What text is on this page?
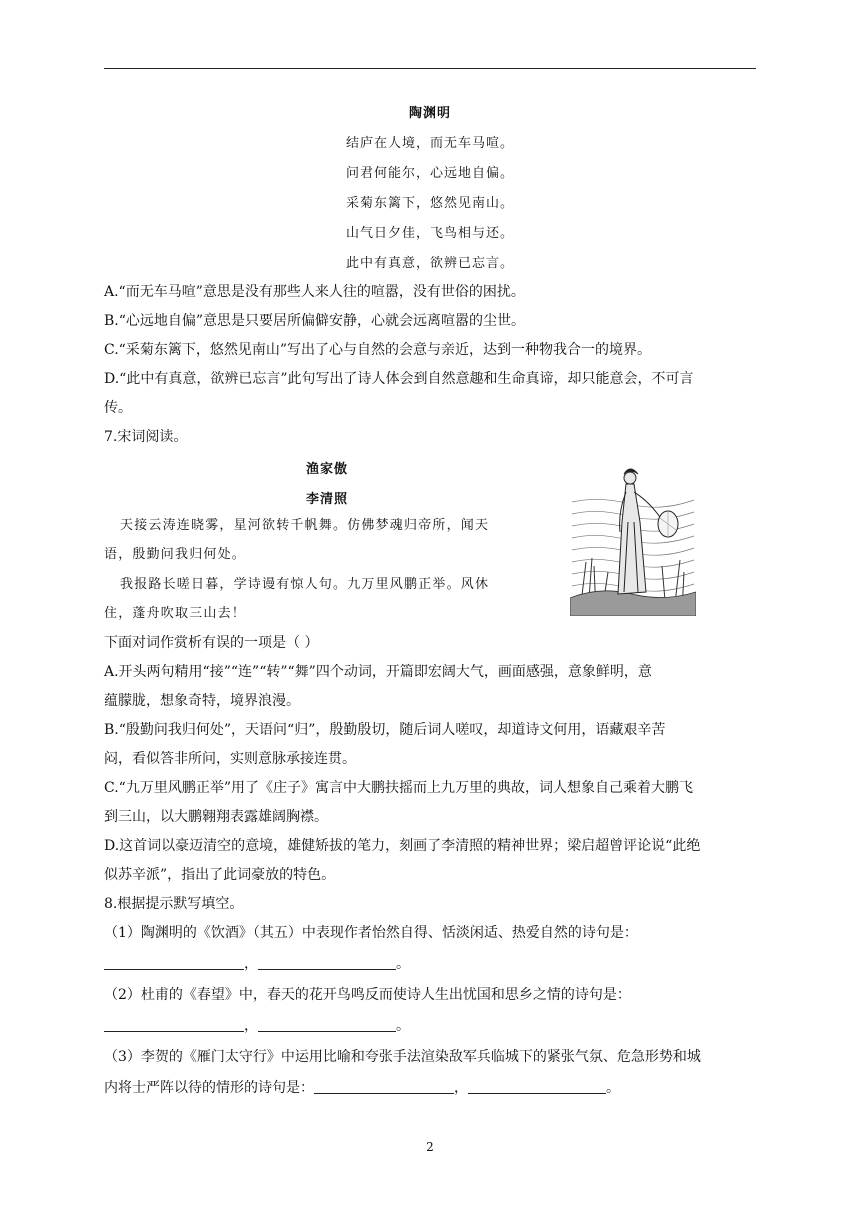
陶渊明
结庐在人境，而无车马喧。
问君何能尔，心远地自偏。
采菊东篱下，悠然见南山。
山气日夕佳，飞鸟相与还。
此中有真意，欲辨已忘言。
A.“而无车马喧”意思是没有那些人来人往的喧嚣，没有世俗的困扰。
B.“心远地自偏”意思是只要居所偏僻安静，心就会远离喧嚣的尘世。
C.“采菊东篱下，悠然见南山”写出了心与自然的会意与亲近，达到一种物我合一的境界。
D.“此中有真意，欲辨已忘言”此句写出了诗人体会到自然意趣和生命真谛，却只能意会，不可言
传。
7.宋词阅读。
渔家傲
李清照
天接云涛连晓雾，星河欲转千帆舞。仿佛梦魂归帝所，闻天
语，殷勤问我归何处。
我报路长嗟日暮，学诗谩有惊人句。九万里风鹏正举。风休
住，蓬舟吹取三山去！
下面对词作赏析有误的一项是（ ）
A.开头两句精用“接”“连”“转”“舞”四个动词，开篇即宏阔大气，画面感强，意象鲜明，意
蕴朦胧，想象奇特，境界浪漫。
B.“殷勤问我归何处”，天语问“归”，殷勤殷切，随后词人嗟叹，却道诗文何用，语藏艰辛苦
闷，看似答非所问，实则意脉承接连贯。
C.“九万里风鹏正举”用了《庄子》寓言中大鹏扶摇而上九万里的典故，词人想象自己乘着大鹏飞
到三山，以大鹏翱翔表露雄阔胸襟。
D.这首词以豪迈清空的意境，雄健矫拔的笔力，刻画了李清照的精神世界；梁启超曾评论说“此绝
似苏辛派”，指出了此词豪放的特色。
8.根据提示默写填空。
（1）陶渊明的《饮酒》（其五）中表现作者怡然自得、恬淡闲适、热爱自然的诗句是：
，	。
（2）杜甫的《春望》中，春天的花开鸟鸣反而使诗人生出忧国和思乡之情的诗句是：
，	。
（3）李贺的《雁门太守行》中运用比喻和夸张手法渲染敌军兵临城下的紧张气氛、危急形势和城
内将士严阵以待的情形的诗句是：	，	。
2
